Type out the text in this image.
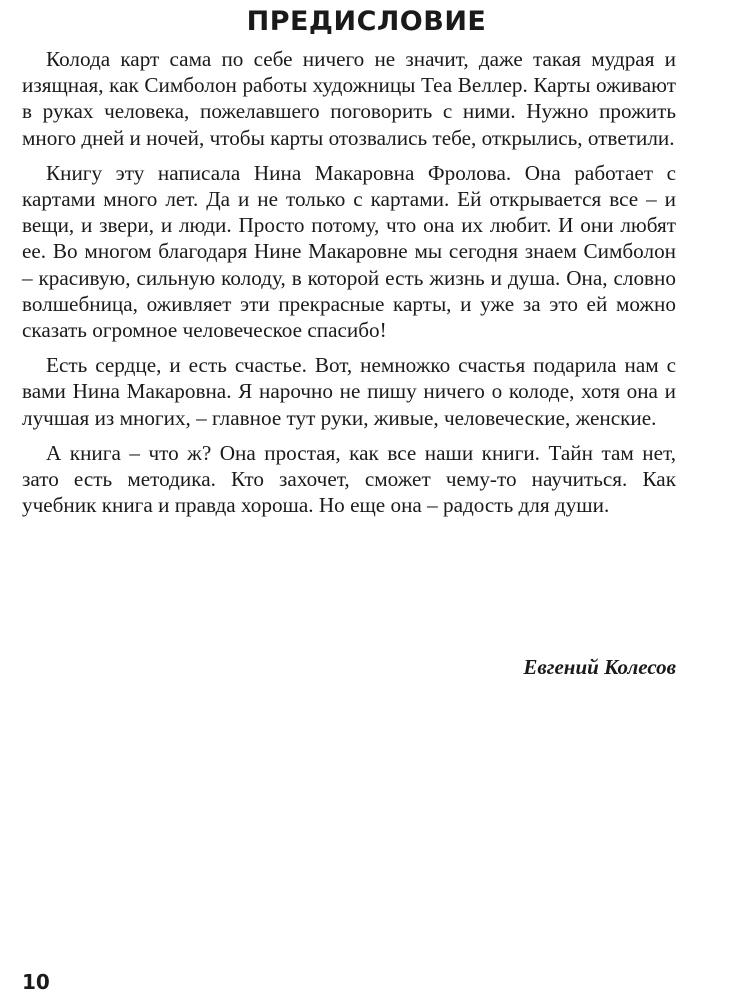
ПРЕДИСЛОВИЕ

Колода карт сама по себе ничего не значит, даже такая мудрая и изящная, как Симболон работы художницы Теа Веллер. Карты оживают в руках человека, пожелавшего поговорить с ними. Нужно прожить много дней и ночей, чтобы карты отозвались тебе, открылись, ответили.

Книгу эту написала Нина Макаровна Фролова. Она работает с картами много лет. Да и не только с картами. Ей открывается все – и вещи, и звери, и люди. Просто потому, что она их любит. И они любят ее. Во многом благодаря Нине Макаровне мы сегодня знаем Симболон – красивую, сильную колоду, в которой есть жизнь и душа. Она, словно волшебница, оживляет эти прекрасные карты, и уже за это ей можно сказать огромное человеческое спасибо!

Есть сердце, и есть счастье. Вот, немножко счастья подарила нам с вами Нина Макаровна. Я нарочно не пишу ничего о колоде, хотя она и лучшая из многих, – главное тут руки, живые, человеческие, женские.

А книга – что ж? Она простая, как все наши книги. Тайн там нет, зато есть методика. Кто захочет, сможет чему-то научиться. Как учебник книга и правда хороша. Но еще она – радость для души.

Евгений Колесов
10
